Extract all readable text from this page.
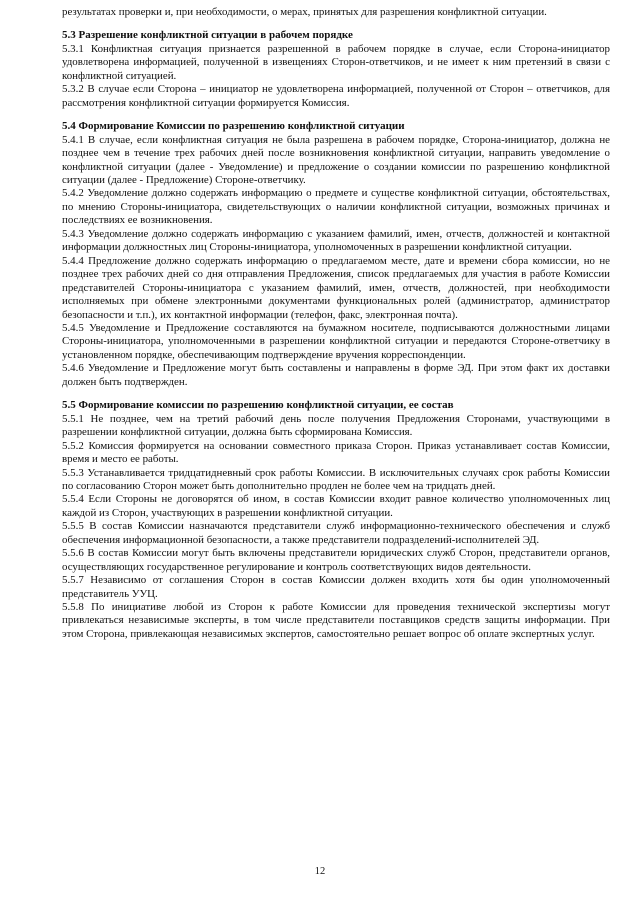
результатах проверки и, при необходимости, о мерах, принятых для разрешения конфликтной ситуации.

5.3 Разрешение конфликтной ситуации в рабочем порядке

5.3.1 Конфликтная ситуация признается разрешенной в рабочем порядке в случае, если Сторона-инициатор удовлетворена информацией, полученной в извещениях Сторон-ответчиков, и не имеет к ним претензий в связи с конфликтной ситуацией.

5.3.2 В случае если Сторона – инициатор не удовлетворена информацией, полученной от Сторон – ответчиков, для рассмотрения конфликтной ситуации формируется Комиссия.

5.4 Формирование Комиссии по разрешению конфликтной ситуации

5.4.1 В случае, если конфликтная ситуация не была разрешена в рабочем порядке, Сторона-инициатор, должна не позднее чем в течение трех рабочих дней после возникновения конфликтной ситуации, направить уведомление о конфликтной ситуации (далее - Уведомление) и предложение о создании комиссии по разрешению конфликтной ситуации (далее - Предложение) Стороне-ответчику.

5.4.2 Уведомление должно содержать информацию о предмете и существе конфликтной ситуации, обстоятельствах, по мнению Стороны-инициатора, свидетельствующих о наличии конфликтной ситуации, возможных причинах и последствиях ее возникновения.

5.4.3 Уведомление должно содержать информацию с указанием фамилий, имен, отчеств, должностей и контактной информации должностных лиц Стороны-инициатора, уполномоченных в разрешении конфликтной ситуации.

5.4.4 Предложение должно содержать информацию о предлагаемом месте, дате и времени сбора комиссии, но не позднее трех рабочих дней со дня отправления Предложения, список предлагаемых для участия в работе Комиссии представителей Стороны-инициатора с указанием фамилий, имен, отчеств, должностей, при необходимости исполняемых при обмене электронными документами функциональных ролей (администратор, администратор безопасности и т.п.), их контактной информации (телефон, факс, электронная почта).

5.4.5 Уведомление и Предложение составляются на бумажном носителе, подписываются должностными лицами Стороны-инициатора, уполномоченными в разрешении конфликтной ситуации и передаются Стороне-ответчику в установленном порядке, обеспечивающим подтверждение вручения корреспонденции.

5.4.6 Уведомление и Предложение могут быть составлены и направлены в форме ЭД. При этом факт их доставки должен быть подтвержден.

5.5 Формирование комиссии по разрешению конфликтной ситуации, ее состав

5.5.1 Не позднее, чем на третий рабочий день после получения Предложения Сторонами, участвующими в разрешении конфликтной ситуации, должна быть сформирована Комиссия.

5.5.2 Комиссия формируется на основании совместного приказа Сторон. Приказ устанавливает состав Комиссии, время и место ее работы.

5.5.3 Устанавливается тридцатидневный срок работы Комиссии. В исключительных случаях срок работы Комиссии по согласованию Сторон может быть дополнительно продлен не более чем на тридцать дней.

5.5.4 Если Стороны не договорятся об ином, в состав Комиссии входит равное количество уполномоченных лиц каждой из Сторон, участвующих в разрешении конфликтной ситуации.

5.5.5 В состав Комиссии назначаются представители служб информационно-технического обеспечения и служб обеспечения информационной безопасности, а также представители подразделений-исполнителей ЭД.

5.5.6 В состав Комиссии могут быть включены представители юридических служб Сторон, представители органов, осуществляющих государственное регулирование и контроль соответствующих видов деятельности.

5.5.7 Независимо от соглашения Сторон в состав Комиссии должен входить хотя бы один уполномоченный представитель УУЦ.

5.5.8 По инициативе любой из Сторон к работе Комиссии для проведения технической экспертизы могут привлекаться независимые эксперты, в том числе представители поставщиков средств защиты информации. При этом Сторона, привлекающая независимых экспертов, самостоятельно решает вопрос об оплате экспертных услуг.

12
